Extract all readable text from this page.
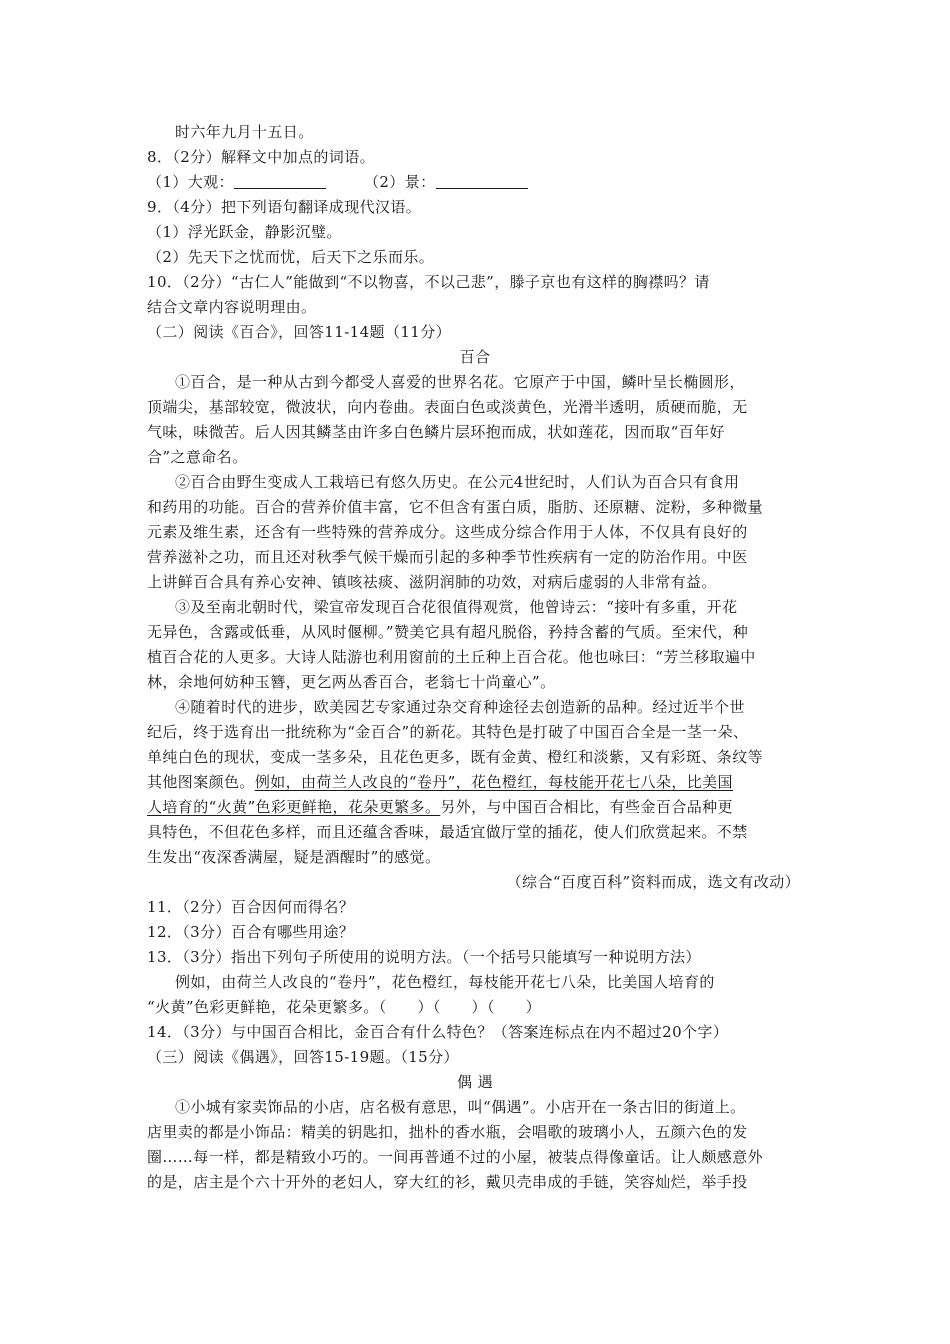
时六年九月十五日。
8．（2分）解释文中加点的词语。
（1）大观：	（2）景：
9．（4分）把下列语句翻译成现代汉语。
（1）浮光跃金，静影沉璧。
（2）先天下之忧而忧，后天下之乐而乐。
10．（2分）“古仁人”能做到“不以物喜，不以己悲”，滕子京也有这样的胸襟吗？请
结合文章内容说明理由。
（二）阅读《百合》，回答11-14题（11分）
百合
①百合，是一种从古到今都受人喜爱的世界名花。它原产于中国，鳞叶呈长椭圆形，
顶端尖，基部较宽，微波状，向内卷曲。表面白色或淡黄色，光滑半透明，质硬而脆，无
气味，味微苦。后人因其鳞茎由许多白色鳞片层环抱而成，状如莲花，因而取“百年好
合”之意命名。
②百合由野生变成人工栽培已有悠久历史。在公元4世纪时，人们认为百合只有食用
和药用的功能。百合的营养价值丰富，它不但含有蛋白质，脂肪、还原糖、淀粉，多种微量
元素及维生素，还含有一些特殊的营养成分。这些成分综合作用于人体，不仅具有良好的
营养滋补之功，而且还对秋季气候干燥而引起的多种季节性疾病有一定的防治作用。中医
上讲鲜百合具有养心安神、镇咳祛痰、滋阴润肺的功效，对病后虚弱的人非常有益。
③及至南北朝时代，梁宣帝发现百合花很值得观赏，他曾诗云：“接叶有多重，开花
无异色，含露或低垂，从风时偃柳。”赞美它具有超凡脱俗，矜持含蓄的气质。至宋代，种
植百合花的人更多。大诗人陆游也利用窗前的土丘种上百合花。他也咏曰：“芳兰移取遍中
林，余地何妨种玉簪，更乞两丛香百合，老翁七十尚童心”。
④随着时代的进步，欧美园艺专家通过杂交育种途径去创造新的品种。经过近半个世
纪后，终于选育出一批统称为“金百合”的新花。其特色是打破了中国百合全是一茎一朵、
单纯白色的现状，变成一茎多朵，且花色更多，既有金黄、橙红和淡紫，又有彩斑、条纹等
其他图案颜色。例如，由荷兰人改良的“卷丹”，花色橙红，每枝能开花七八朵，比美国
人培育的“火黄”色彩更鲜艳，花朵更繁多。另外，与中国百合相比，有些金百合品种更
具特色，不但花色多样，而且还蕴含香味，最适宜做厅堂的插花，使人们欣赏起来。不禁
生发出“夜深香满屋，疑是酒醒时”的感觉。
（综合“百度百科”资料而成，选文有改动）
11．（2分）百合因何而得名？
12．（3分）百合有哪些用途？
13．（3分）指出下列句子所使用的说明方法。（一个括号只能填写一种说明方法）
例如，由荷兰人改良的“卷丹”，花色橙红，每枝能开花七八朵，比美国人培育的
“火黄”色彩更鲜艳，花朵更繁多。（　　）（　　）（　　）
14．（3分）与中国百合相比，金百合有什么特色？（答案连标点在内不超过20个字）
（三）阅读《偶遇》，回答15-19题。（15分）
偶 遇
①小城有家卖饰品的小店，店名极有意思，叫“偶遇”。小店开在一条古旧的街道上。
店里卖的都是小饰品：精美的钥匙扣，拙朴的香水瓶，会唱歌的玻璃小人，五颜六色的发
圈……每一样，都是精致小巧的。一间再普通不过的小屋，被装点得像童话。让人颇感意外
的是，店主是个六十开外的老妇人，穿大红的衫，戴贝壳串成的手链，笑容灿烂，举手投
